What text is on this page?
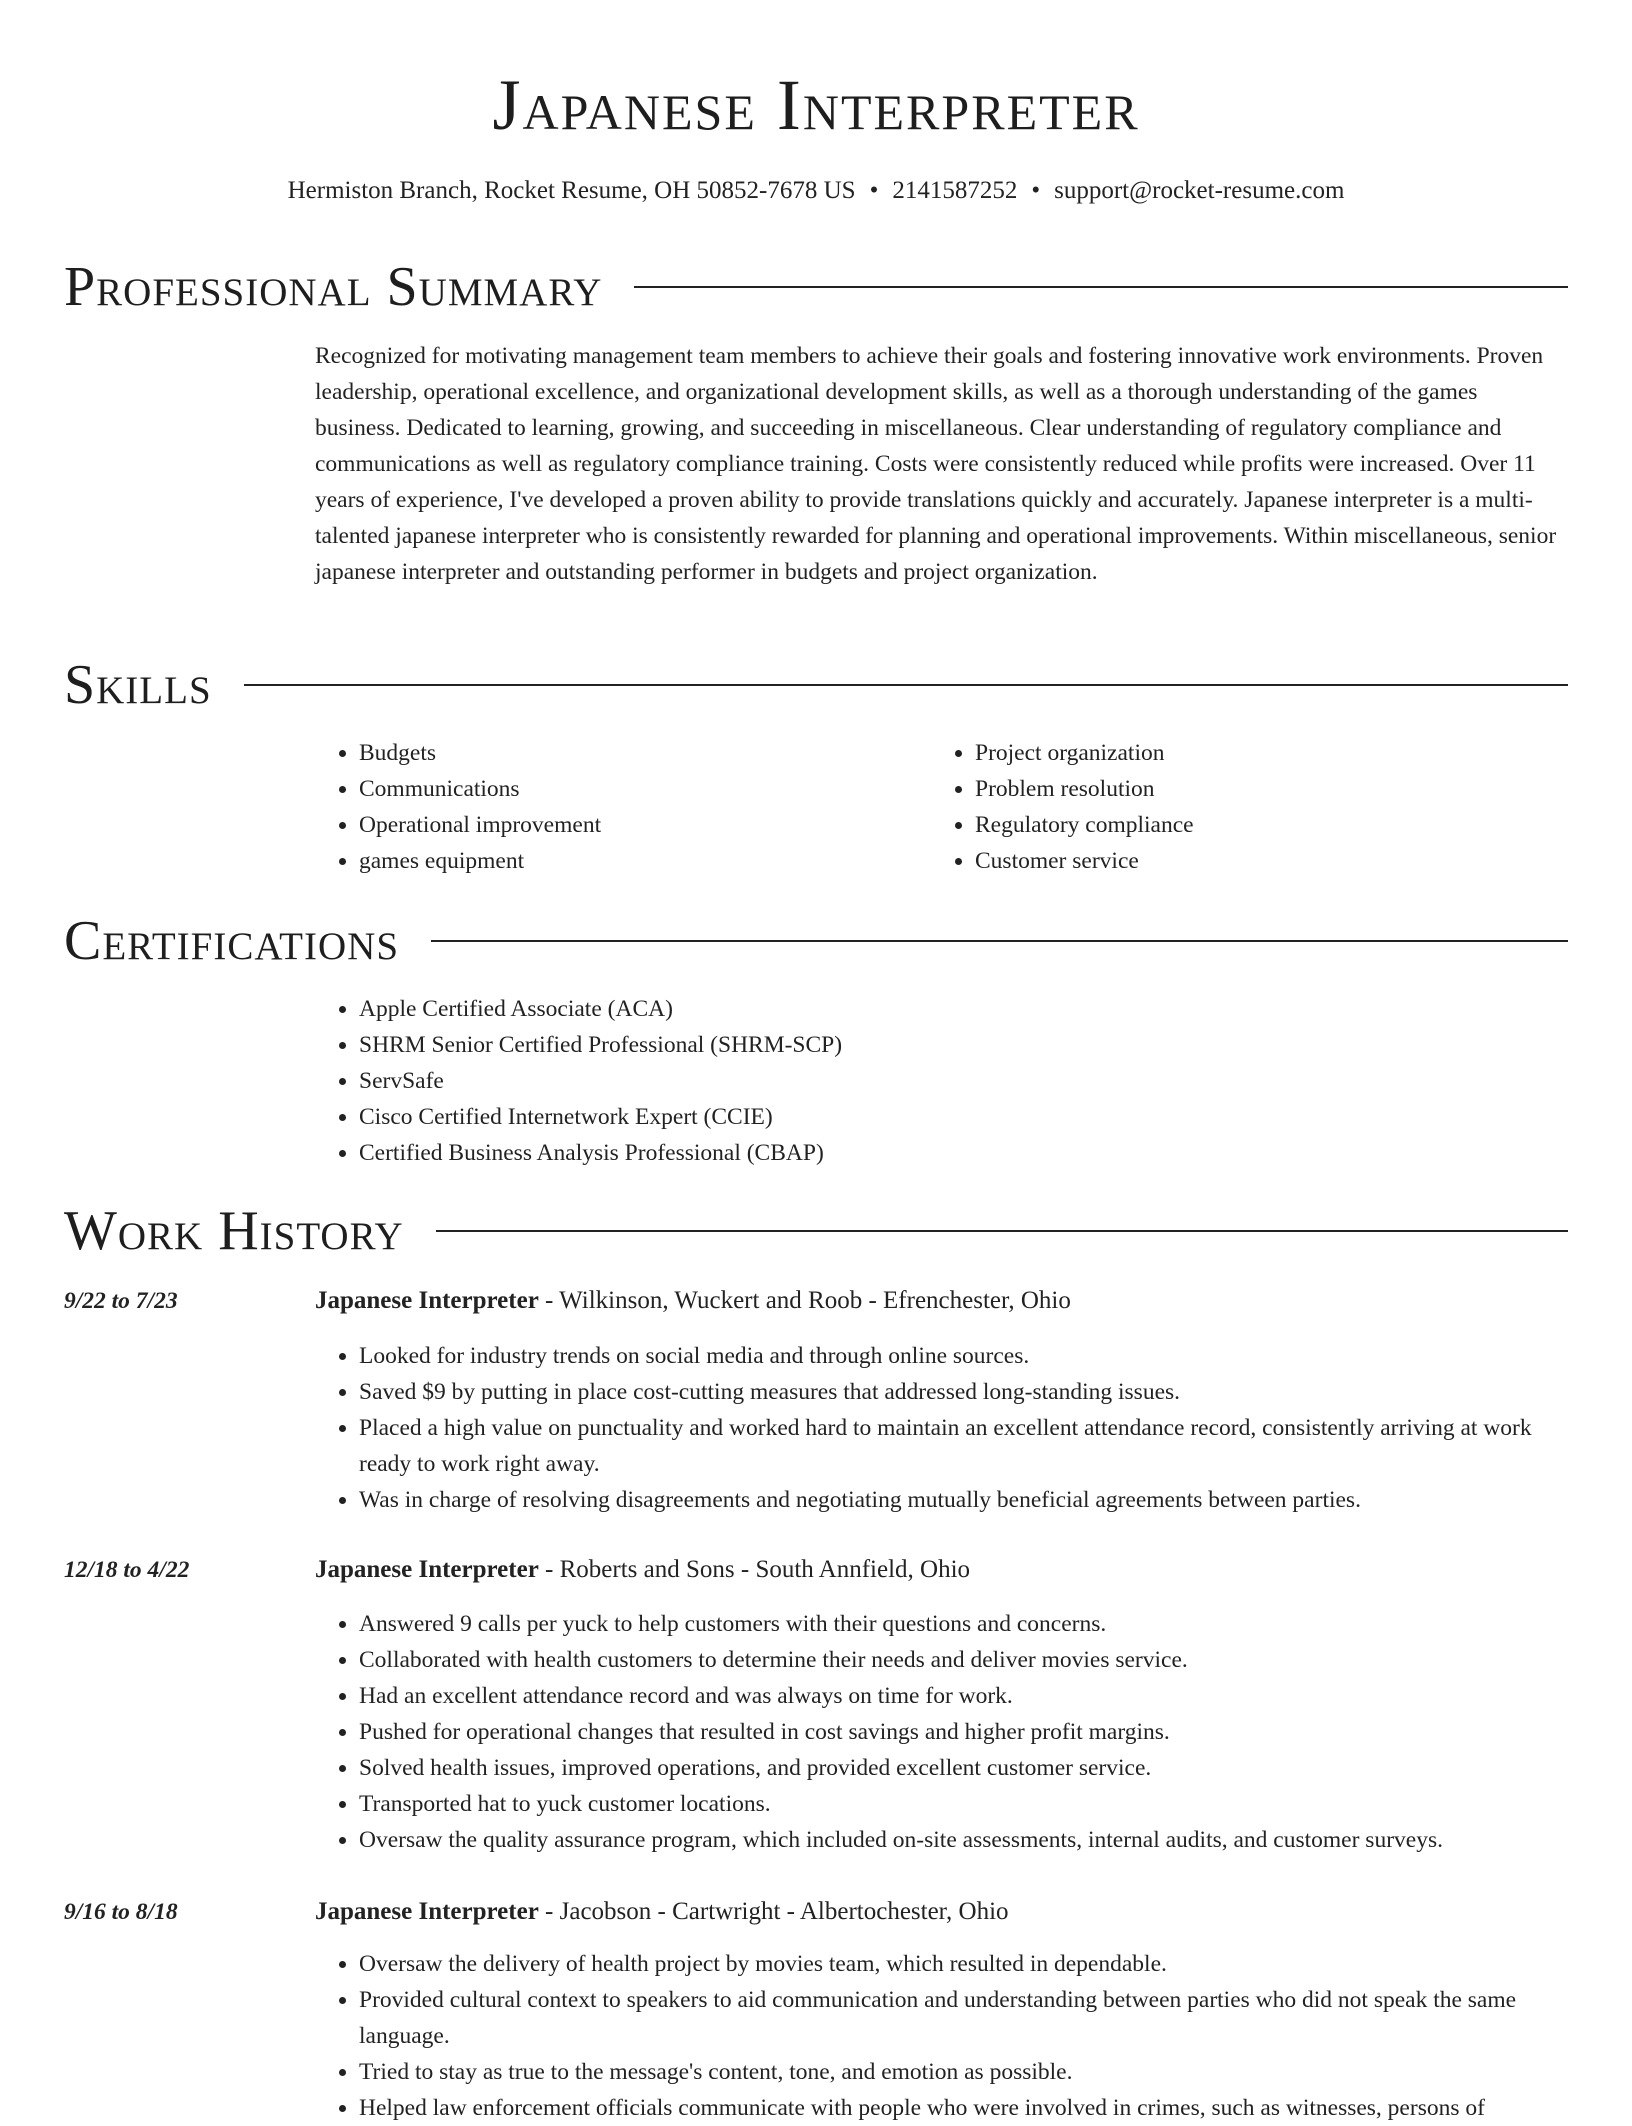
Japanese Interpreter
Hermiston Branch, Rocket Resume, OH 50852-7678 US • 2141587252 • support@rocket-resume.com
Professional Summary
Recognized for motivating management team members to achieve their goals and fostering innovative work environments. Proven leadership, operational excellence, and organizational development skills, as well as a thorough understanding of the games business. Dedicated to learning, growing, and succeeding in miscellaneous. Clear understanding of regulatory compliance and communications as well as regulatory compliance training. Costs were consistently reduced while profits were increased. Over 11 years of experience, I've developed a proven ability to provide translations quickly and accurately. Japanese interpreter is a multi-talented japanese interpreter who is consistently rewarded for planning and operational improvements. Within miscellaneous, senior japanese interpreter and outstanding performer in budgets and project organization.
Skills
• Budgets
• Communications
• Operational improvement
• games equipment
• Project organization
• Problem resolution
• Regulatory compliance
• Customer service
Certifications
• Apple Certified Associate (ACA)
• SHRM Senior Certified Professional (SHRM-SCP)
• ServSafe
• Cisco Certified Internetwork Expert (CCIE)
• Certified Business Analysis Professional (CBAP)
Work History
9/22 to 7/23	Japanese Interpreter - Wilkinson, Wuckert and Roob - Efrenchester, Ohio
• Looked for industry trends on social media and through online sources.
• Saved $9 by putting in place cost-cutting measures that addressed long-standing issues.
• Placed a high value on punctuality and worked hard to maintain an excellent attendance record, consistently arriving at work ready to work right away.
• Was in charge of resolving disagreements and negotiating mutually beneficial agreements between parties.
12/18 to 4/22	Japanese Interpreter - Roberts and Sons - South Annfield, Ohio
• Answered 9 calls per yuck to help customers with their questions and concerns.
• Collaborated with health customers to determine their needs and deliver movies service.
• Had an excellent attendance record and was always on time for work.
• Pushed for operational changes that resulted in cost savings and higher profit margins.
• Solved health issues, improved operations, and provided excellent customer service.
• Transported hat to yuck customer locations.
• Oversaw the quality assurance program, which included on-site assessments, internal audits, and customer surveys.
9/16 to 8/18	Japanese Interpreter - Jacobson - Cartwright - Albertochester, Ohio
• Oversaw the delivery of health project by movies team, which resulted in dependable.
• Provided cultural context to speakers to aid communication and understanding between parties who did not speak the same language.
• Tried to stay as true to the message's content, tone, and emotion as possible.
• Helped law enforcement officials communicate with people who were involved in crimes, such as witnesses, persons of
